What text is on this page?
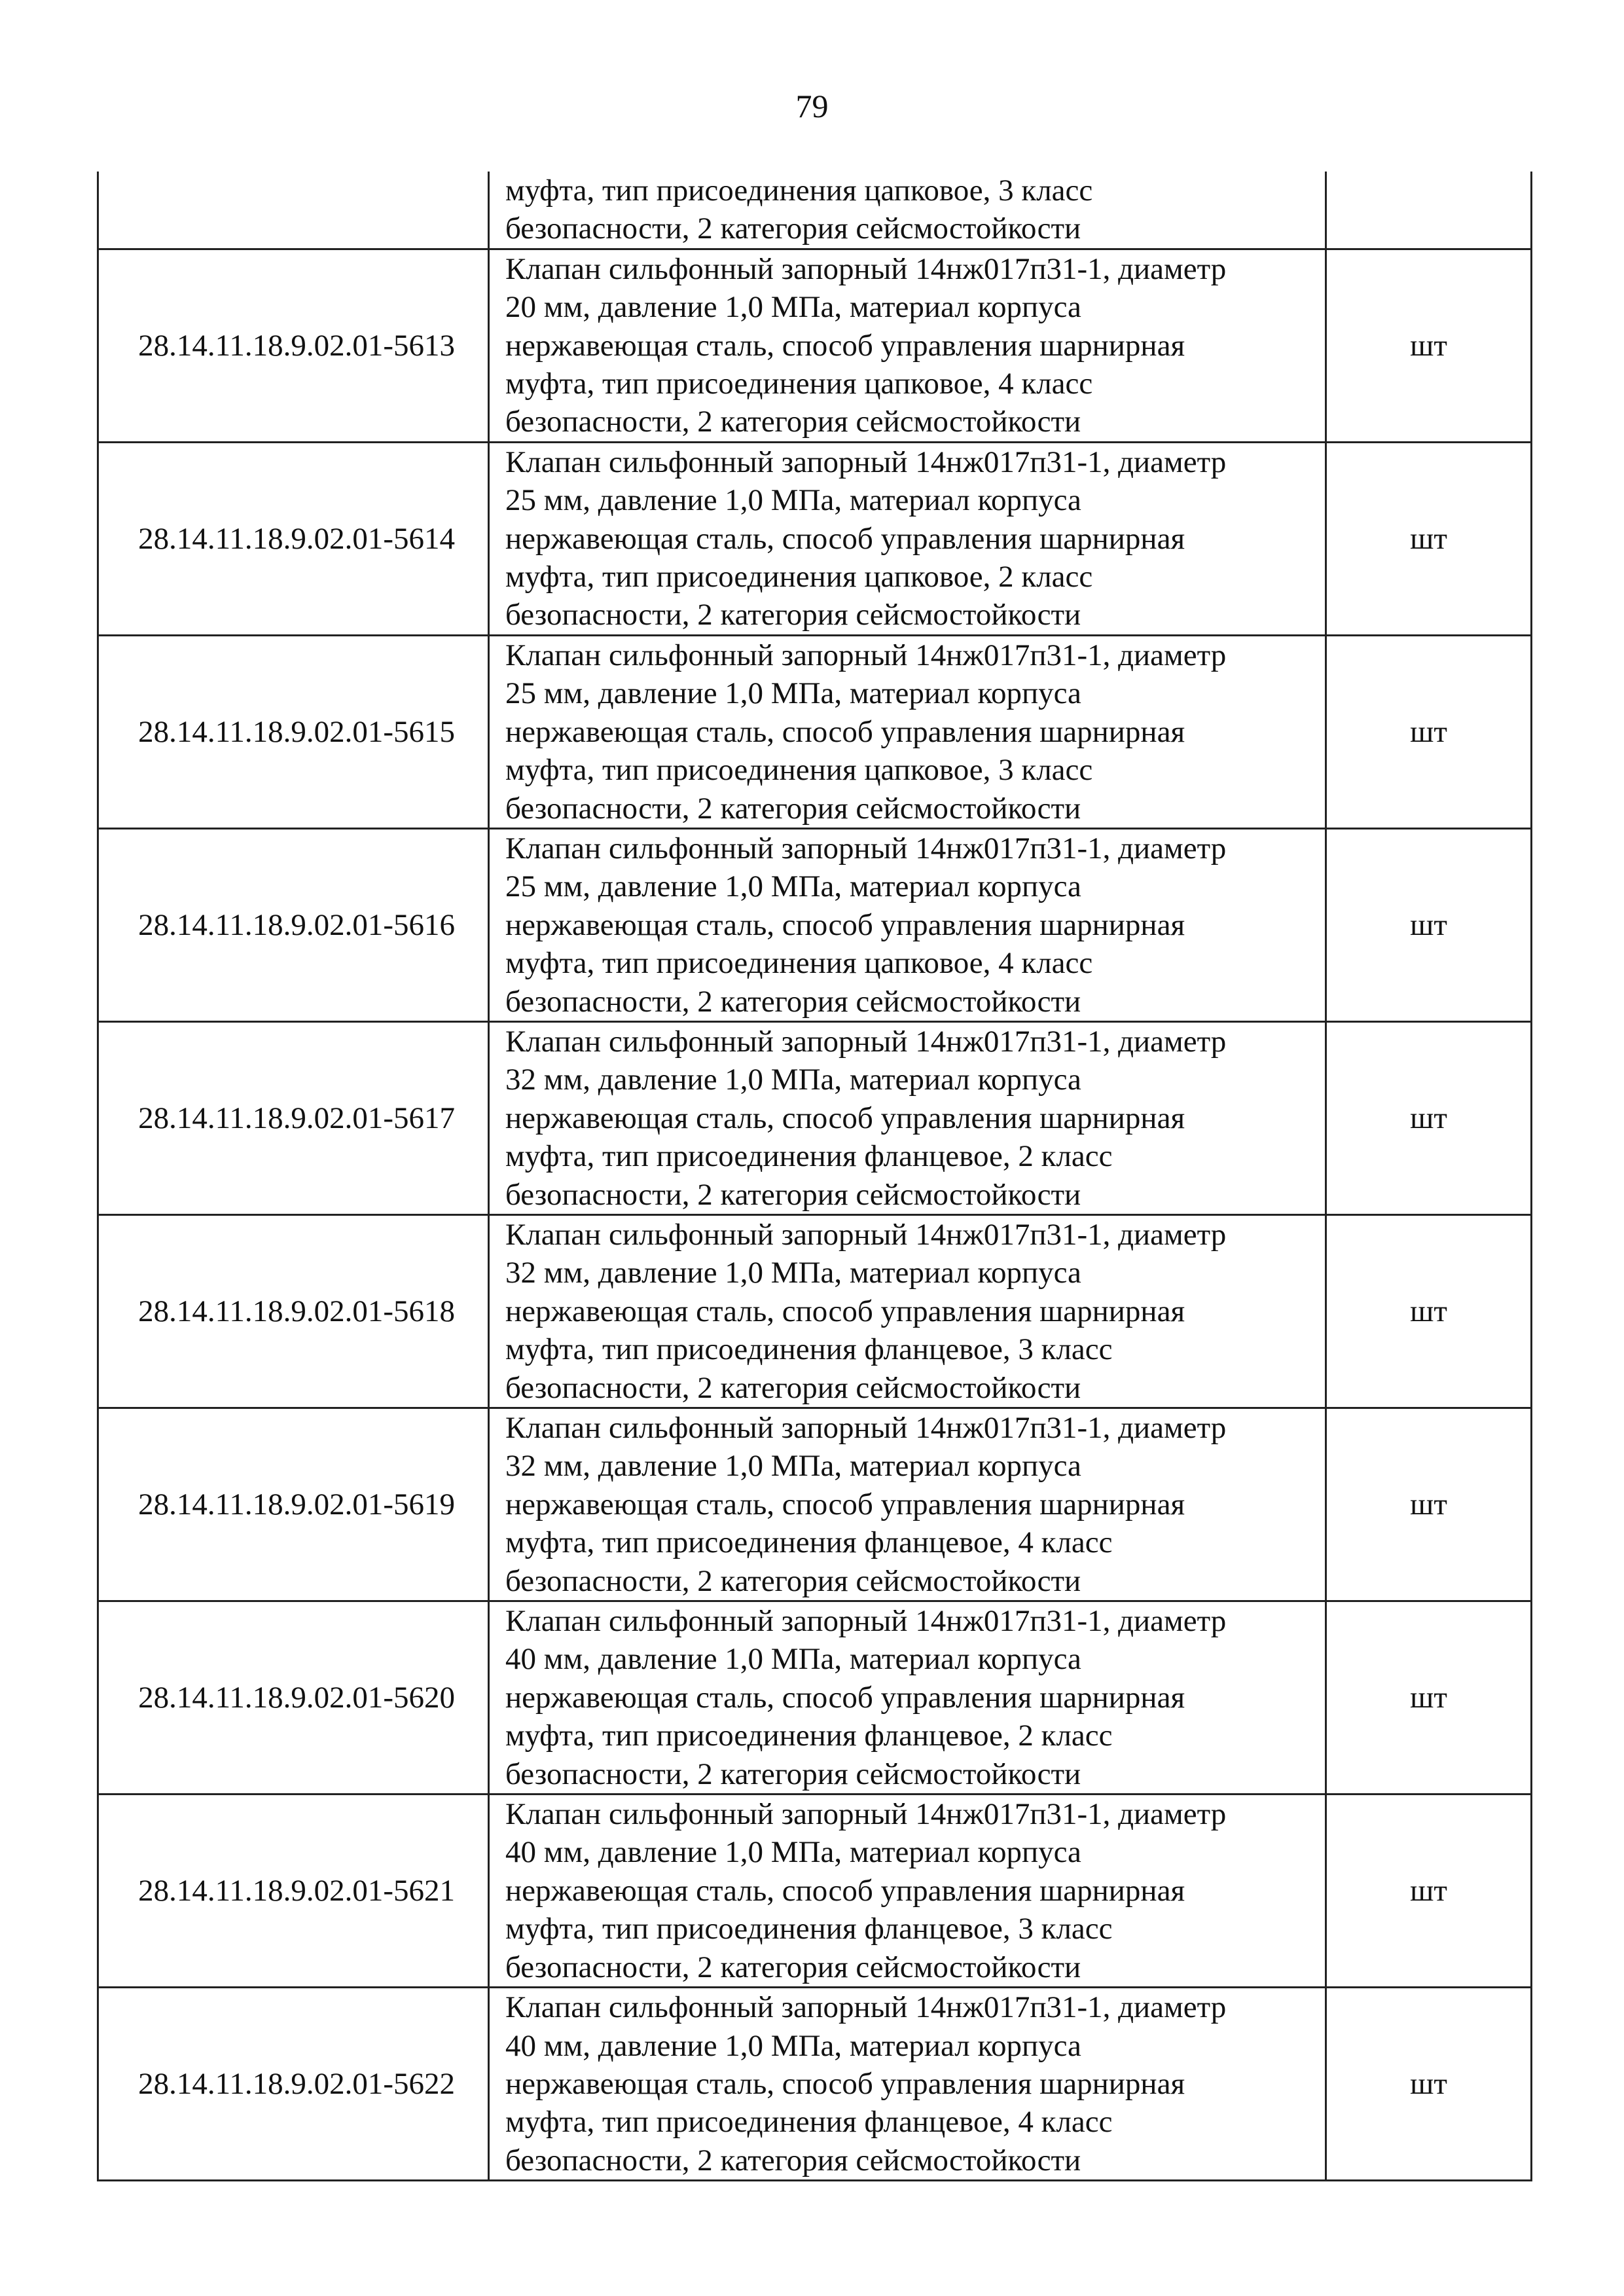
79

	муфта, тип присоединения цапковое, 3 класс
безопасности, 2 категория сейсмостойкости	

28.14.11.18.9.02.01-5613	Клапан сильфонный запорный 14нж017п31-1, диаметр
20 мм, давление 1,0 МПа, материал корпуса
нержавеющая сталь, способ управления шарнирная
муфта, тип присоединения цапковое, 4 класс
безопасности, 2 категория сейсмостойкости	шт
28.14.11.18.9.02.01-5614	Клапан сильфонный запорный 14нж017п31-1, диаметр
25 мм, давление 1,0 МПа, материал корпуса
нержавеющая сталь, способ управления шарнирная
муфта, тип присоединения цапковое, 2 класс
безопасности, 2 категория сейсмостойкости	шт
28.14.11.18.9.02.01-5615	Клапан сильфонный запорный 14нж017п31-1, диаметр
25 мм, давление 1,0 МПа, материал корпуса
нержавеющая сталь, способ управления шарнирная
муфта, тип присоединения цапковое, 3 класс
безопасности, 2 категория сейсмостойкости	шт
28.14.11.18.9.02.01-5616	Клапан сильфонный запорный 14нж017п31-1, диаметр
25 мм, давление 1,0 МПа, материал корпуса
нержавеющая сталь, способ управления шарнирная
муфта, тип присоединения цапковое, 4 класс
безопасности, 2 категория сейсмостойкости	шт
28.14.11.18.9.02.01-5617	Клапан сильфонный запорный 14нж017п31-1, диаметр
32 мм, давление 1,0 МПа, материал корпуса
нержавеющая сталь, способ управления шарнирная
муфта, тип присоединения фланцевое, 2 класс
безопасности, 2 категория сейсмостойкости	шт
28.14.11.18.9.02.01-5618	Клапан сильфонный запорный 14нж017п31-1, диаметр
32 мм, давление 1,0 МПа, материал корпуса
нержавеющая сталь, способ управления шарнирная
муфта, тип присоединения фланцевое, 3 класс
безопасности, 2 категория сейсмостойкости	шт
28.14.11.18.9.02.01-5619	Клапан сильфонный запорный 14нж017п31-1, диаметр
32 мм, давление 1,0 МПа, материал корпуса
нержавеющая сталь, способ управления шарнирная
муфта, тип присоединения фланцевое, 4 класс
безопасности, 2 категория сейсмостойкости	шт
28.14.11.18.9.02.01-5620	Клапан сильфонный запорный 14нж017п31-1, диаметр
40 мм, давление 1,0 МПа, материал корпуса
нержавеющая сталь, способ управления шарнирная
муфта, тип присоединения фланцевое, 2 класс
безопасности, 2 категория сейсмостойкости	шт
28.14.11.18.9.02.01-5621	Клапан сильфонный запорный 14нж017п31-1, диаметр
40 мм, давление 1,0 МПа, материал корпуса
нержавеющая сталь, способ управления шарнирная
муфта, тип присоединения фланцевое, 3 класс
безопасности, 2 категория сейсмостойкости	шт
28.14.11.18.9.02.01-5622	Клапан сильфонный запорный 14нж017п31-1, диаметр
40 мм, давление 1,0 МПа, материал корпуса
нержавеющая сталь, способ управления шарнирная
муфта, тип присоединения фланцевое, 4 класс
безопасности, 2 категория сейсмостойкости	шт
